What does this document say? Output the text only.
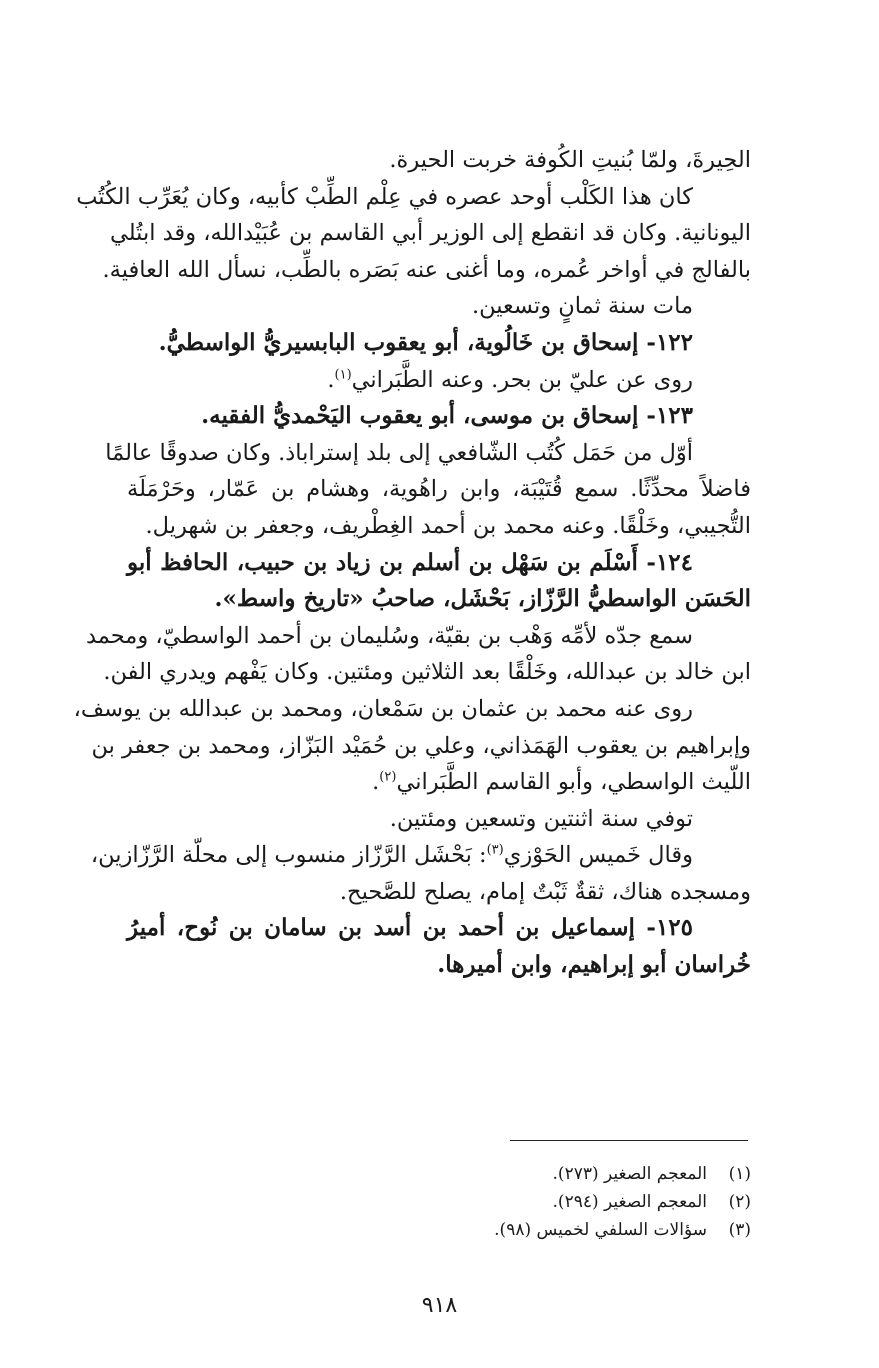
الحِيرةَ، ولمّا بُنيتِ الكُوفة خربت الحيرة.
كان هذا الكَلْب أوحد عصره في عِلْم الطِّبْ كأبيه، وكان يُعَرِّب الكُتُب
اليونانية. وكان قد انقطع إلى الوزير أبي القاسم بن عُبَيْدالله، وقد ابتُلي
بالفالج في أواخر عُمره، وما أغنى عنه بَصَره بالطِّب، نسأل الله العافية.
مات سنة ثمانٍ وتسعين.
١٢٢- إسحاق بن خَالُوية، أبو يعقوب البابسيريُّ الواسطيُّ.
روى عن عليّ بن بحر. وعنه الطَّبَراني$^{(١)}$.
١٢٣- إسحاق بن موسى، أبو يعقوب اليَحْمديُّ الفقيه.
أوّل من حَمَل كُتُب الشّافعي إلى بلد إستراباذ. وكان صدوقًا عالمًا
فاضلاً محدِّثًا. سمع قُتَيْبَة، وابن راهُوية، وهشام بن عَمّار، وحَرْمَلَة
التُّجيبي، وخَلْقًا. وعنه محمد بن أحمد الغِطْريف، وجعفر بن شهريل.
١٢٤- أَسْلَم بن سَهْل بن أسلم بن زياد بن حبيب، الحافظ أبو
الحَسَن الواسطيُّ الرَّزّاز، بَحْشَل، صاحبُ «تاريخ واسط».
سمع جدّه لأمِّه وَهْب بن بقيّة، وسُليمان بن أحمد الواسطيّ، ومحمد
ابن خالد بن عبدالله، وخَلْقًا بعد الثلاثين ومئتين. وكان يَفْهم ويدري الفن.
روى عنه محمد بن عثمان بن سَمْعان، ومحمد بن عبدالله بن يوسف،
وإبراهيم بن يعقوب الهَمَذاني، وعلي بن حُمَيْد البَزّاز، ومحمد بن جعفر بن
اللّيث الواسطي، وأبو القاسم الطَّبَراني$^{(٢)}$.
توفي سنة اثنتين وتسعين ومئتين.
وقال خَميس الحَوْزي$^{(٣)}$: بَحْشَل الرَّزّاز منسوب إلى محلّة الرَّزّازين،
ومسجده هناك، ثقةٌ ثَبْتٌ إمام، يصلح للصَّحيح.
١٢٥- إسماعيل بن أحمد بن أسد بن سامان بن نُوح، أميرُ
خُراسان أبو إبراهيم، وابن أميرها.
(١)المعجم الصغير (٢٧٣).
(٢)المعجم الصغير (٢٩٤).
(٣)سؤالات السلفي لخميس (٩٨).
٩١٨
